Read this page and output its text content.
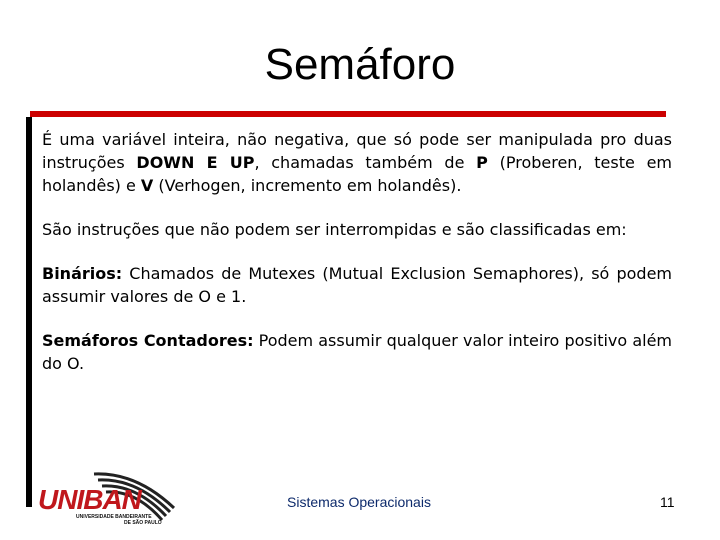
Semáforo

É uma variável inteira, não negativa, que só pode ser manipulada pro duas instruções DOWN E UP, chamadas também de P (Proberen, teste em holandês) e V (Verhogen, incremento em holandês).

São instruções que não podem ser interrompidas e são classificadas em:

Binários: Chamados de Mutexes (Mutual Exclusion Semaphores), só podem assumir valores de O e 1.

Semáforos Contadores: Podem assumir qualquer valor inteiro positivo além do O.

UNIBAN
UNIVERSIDADE BANDEIRANTE
DE SÃO PAULO
Sistemas Operacionais	11
